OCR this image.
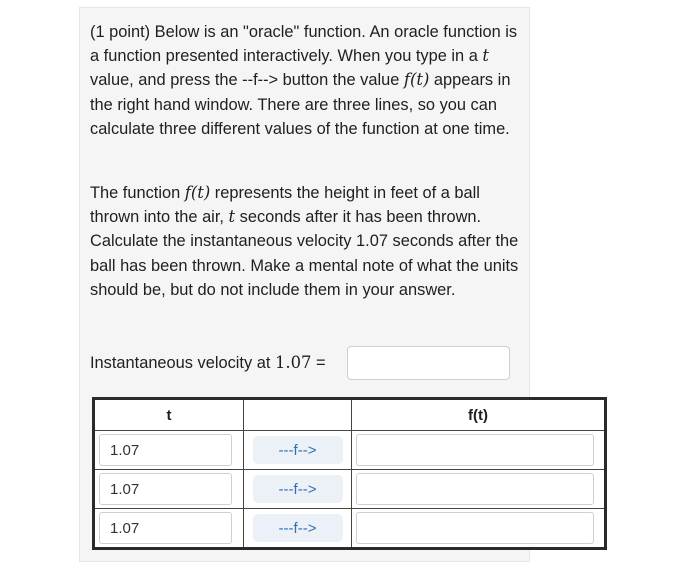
(1 point) Below is an "oracle" function. An oracle function is a function presented interactively. When you type in a t value, and press the --f--> button the value f(t) appears in the right hand window. There are three lines, so you can calculate three different values of the function at one time.

The function f(t) represents the height in feet of a ball thrown into the air, t seconds after it has been thrown. Calculate the instantaneous velocity 1.07 seconds after the ball has been thrown. Make a mental note of what the units should be, but do not include them in your answer.

Instantaneous velocity at 1.07 =
t		f(t)

1.07	
---f-->

1.07	
---f-->

1.07	
---f-->
